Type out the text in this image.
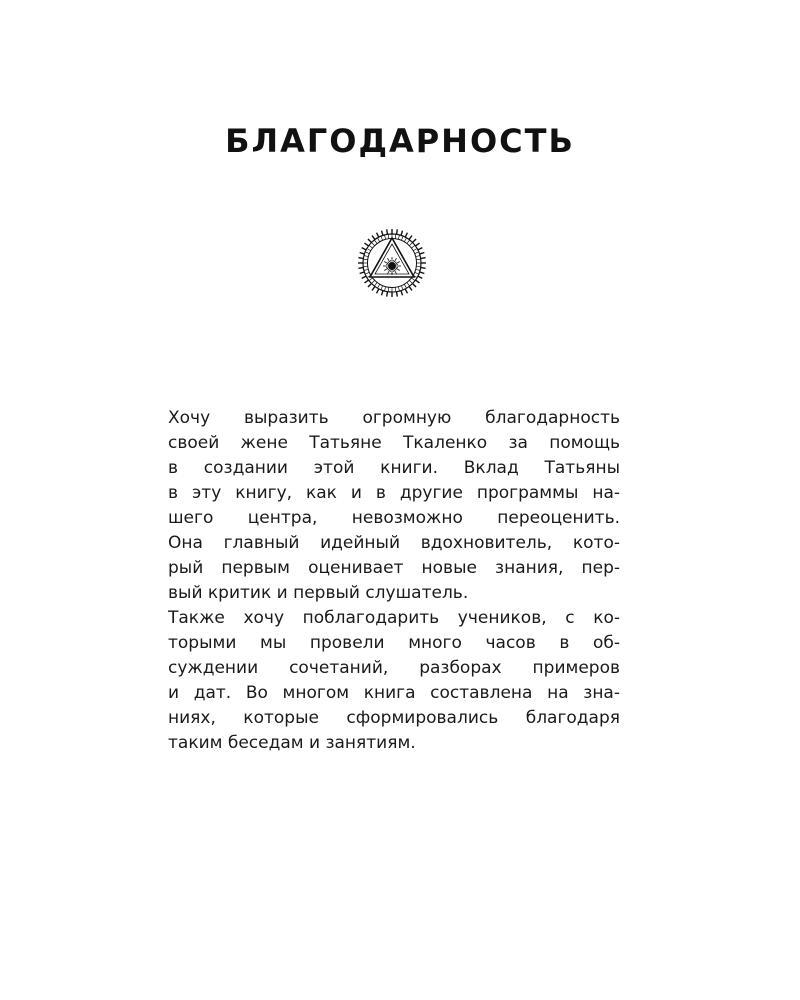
БЛАГОДАРНОСТЬ
Хочу выразить огромную благодарность
своей жене Татьяне Ткаленко за помощь
в создании этой книги. Вклад Татьяны
в эту книгу, как и в другие программы на-
шего центра, невозможно переоценить.
Она главный идейный вдохновитель, кото-
рый первым оценивает новые знания, пер-
вый критик и первый слушатель.
Также хочу поблагодарить учеников, с ко-
торыми мы провели много часов в об-
суждении сочетаний, разборах примеров
и дат. Во многом книга составлена на зна-
ниях, которые сформировались благодаря
таким беседам и занятиям.
